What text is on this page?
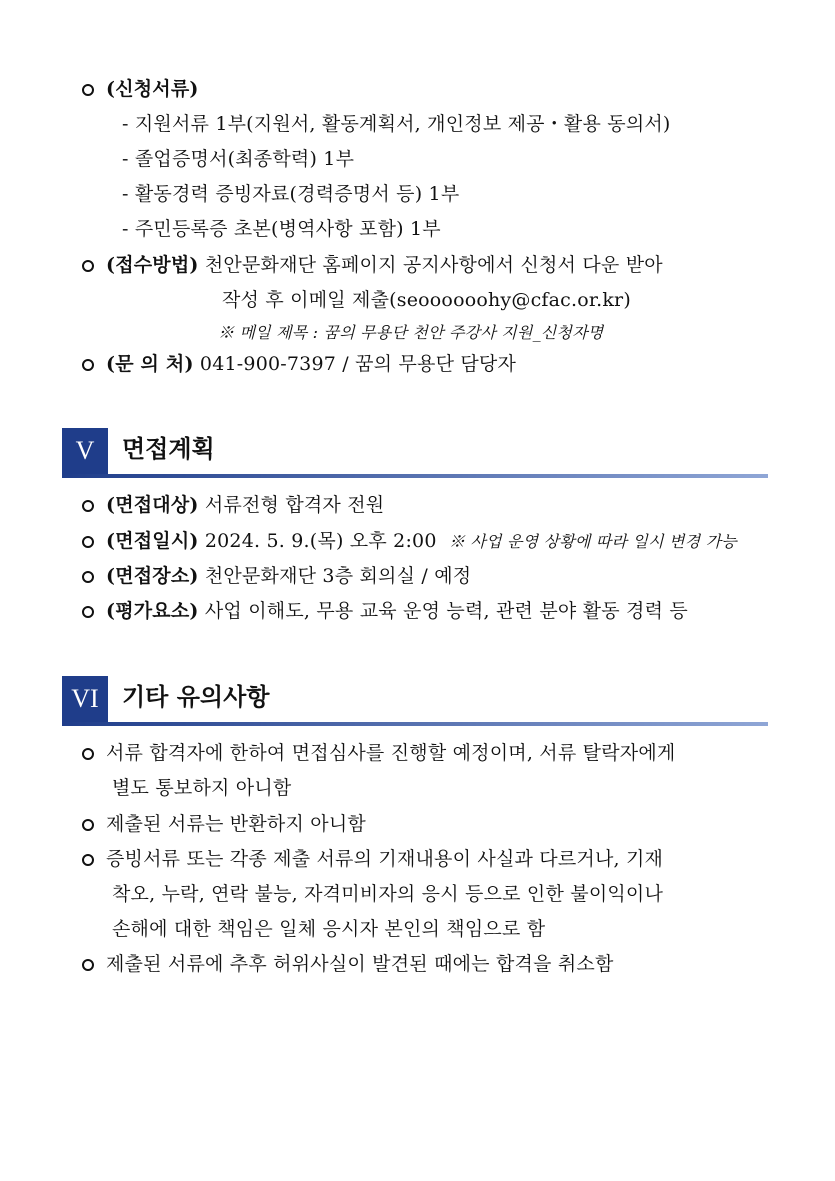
(신청서류)
- 지원서류 1부(지원서, 활동계획서, 개인정보 제공・활용 동의서)
- 졸업증명서(최종학력) 1부
- 활동경력 증빙자료(경력증명서 등) 1부
- 주민등록증 초본(병역사항 포함) 1부
(접수방법) 천안문화재단 홈페이지 공지사항에서 신청서 다운 받아
작성 후 이메일 제출(seoooooohy@cfac.or.kr)
※ 메일 제목 : 꿈의 무용단 천안 주강사 지원_신청자명
(문 의 처) 041-900-7397 / 꿈의 무용단 담당자
V	면접계획
(면접대상) 서류전형 합격자 전원
(면접일시) 2024. 5. 9.(목) 오후 2:00 ※ 사업 운영 상황에 따라 일시 변경 가능
(면접장소) 천안문화재단 3층 회의실 / 예정
(평가요소) 사업 이해도, 무용 교육 운영 능력, 관련 분야 활동 경력 등
VI 기타 유의사항
서류 합격자에 한하여 면접심사를 진행할 예정이며, 서류 탈락자에게
별도 통보하지 아니함
제출된 서류는 반환하지 아니함
증빙서류 또는 각종 제출 서류의 기재내용이 사실과 다르거나, 기재
착오, 누락, 연락 불능, 자격미비자의 응시 등으로 인한 불이익이나
손해에 대한 책임은 일체 응시자 본인의 책임으로 함
제출된 서류에 추후 허위사실이 발견된 때에는 합격을 취소함
